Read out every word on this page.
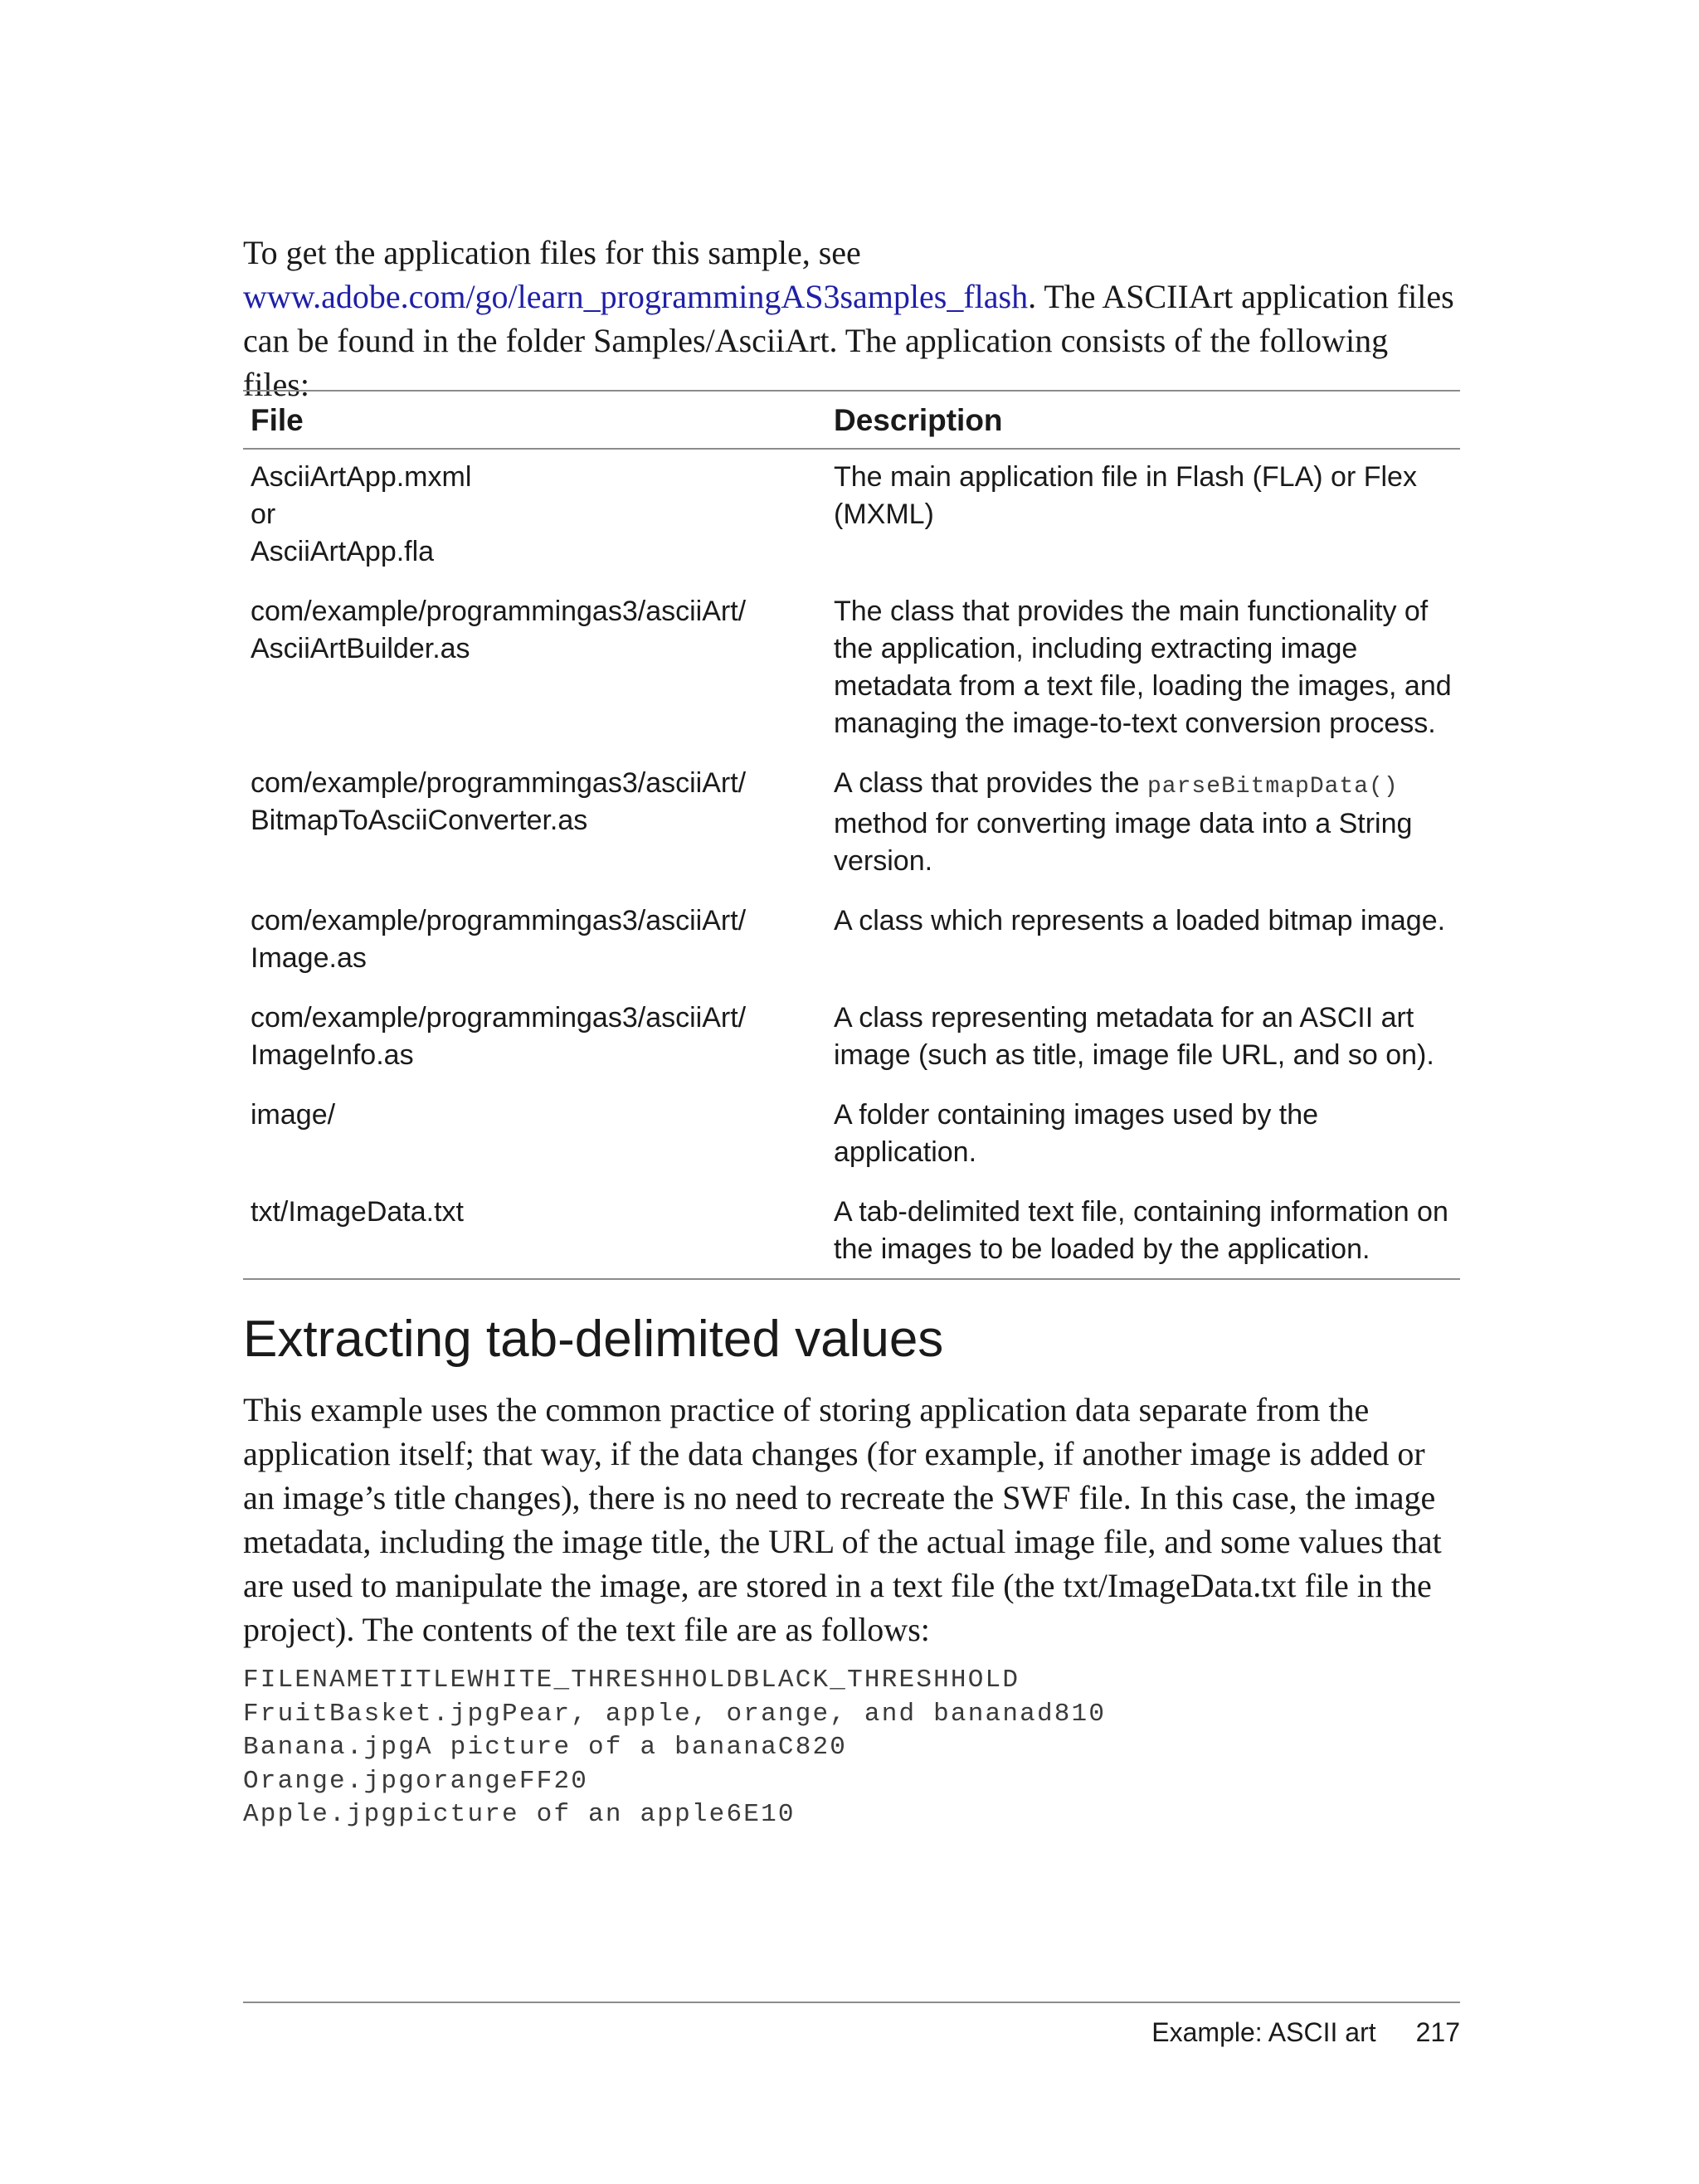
To get the application files for this sample, see www.adobe.com/go/learn_programmingAS3samples_flash. The ASCIIArt application files can be found in the folder Samples/AsciiArt. The application consists of the following files:

File	Description

AsciiArtApp.mxml
or
AsciiArtApp.fla	The main application file in Flash (FLA) or Flex (MXML)

com/example/programmingas3/asciiArt/
AsciiArtBuilder.as	The class that provides the main functionality of the application, including extracting image metadata from a text file, loading the images, and managing the image-to-text conversion process.

com/example/programmingas3/asciiArt/
BitmapToAsciiConverter.as	A class that provides the parseBitmapData() method for converting image data into a String version.

com/example/programmingas3/asciiArt/
Image.as	A class which represents a loaded bitmap image.

com/example/programmingas3/asciiArt/
ImageInfo.as	A class representing metadata for an ASCII art image (such as title, image file URL, and so on).

image/	A folder containing images used by the application.

txt/ImageData.txt	A tab-delimited text file, containing information on the images to be loaded by the application.
Extracting tab-delimited values

This example uses the common practice of storing application data separate from the application itself; that way, if the data changes (for example, if another image is added or an image’s title changes), there is no need to recreate the SWF file. In this case, the image metadata, including the image title, the URL of the actual image file, and some values that are used to manipulate the image, are stored in a text file (the txt/ImageData.txt file in the project). The contents of the text file are as follows:

FILENAMETITLEWHITE_THRESHHOLDBLACK_THRESHHOLD
FruitBasket.jpgPear, apple, orange, and bananad810
Banana.jpgA picture of a bananaC820
Orange.jpgorangeFF20
Apple.jpgpicture of an apple6E10
Example: ASCII art 217
